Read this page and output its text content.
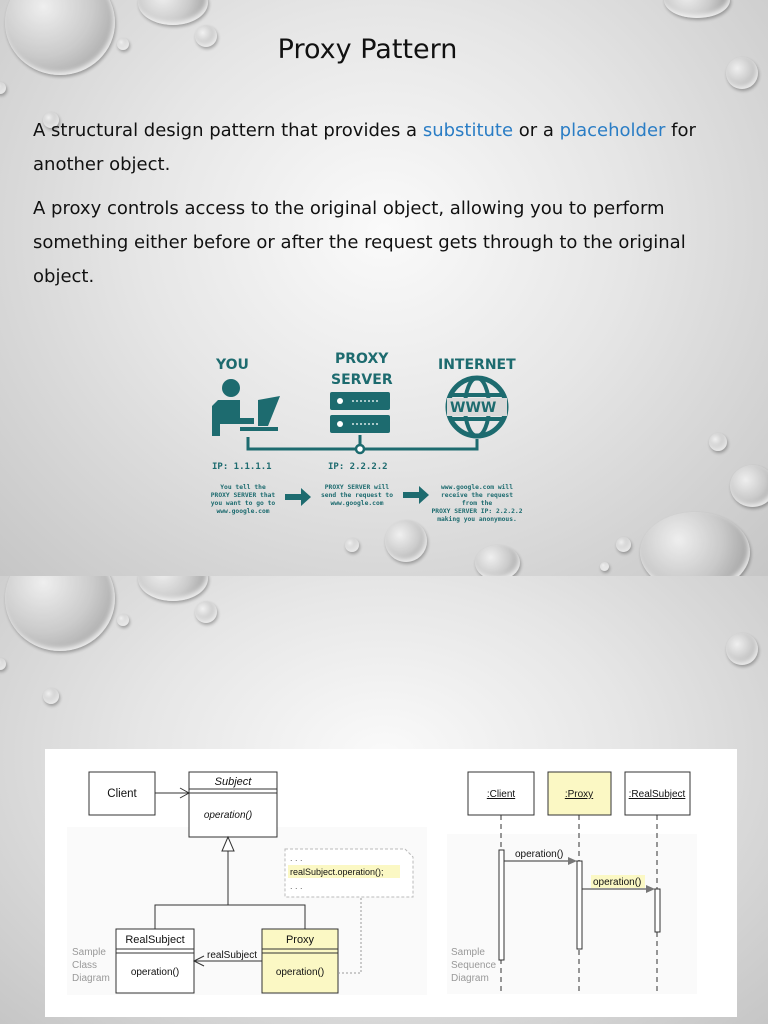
Proxy Pattern
A structural design pattern that provides a substitute or a placeholder for another object.
A proxy controls access to the original object, allowing you to perform something either before or after the request gets through to the original object.
YOU	PROXY
SERVER
INTERNET
WWW
IP: 1.1.1.1	IP: 2.2.2.2
You tell the
PROXY SERVER that
you want to go to
www.google.com
PROXY SERVER will
send the request to
www.google.com
www.google.com will
receive the request
from the
PROXY SERVER IP: 2.2.2.2
making you anonymous.
Sample
Class
Diagram
Client
Subject
operation()
RealSubject
operation()
Proxy
operation()
realSubject
. . .
realSubject.operation();
. . .
Sample
Sequence
Diagram
:Client	:Proxy	:RealSubject
operation()
operation()
